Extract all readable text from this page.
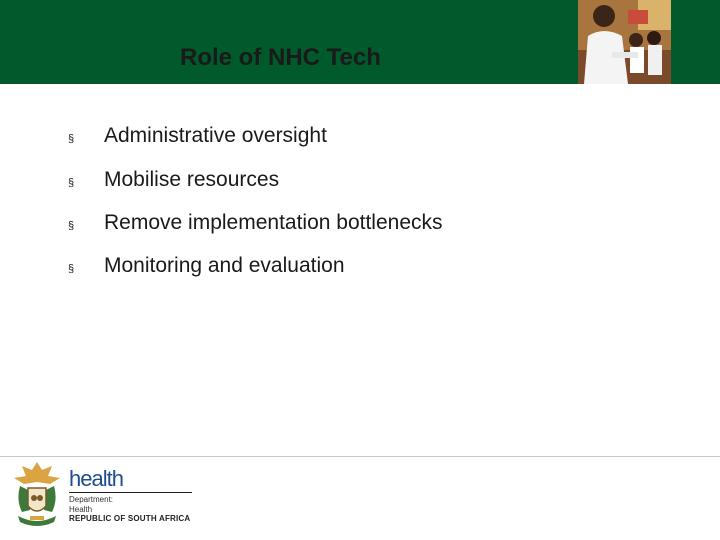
Role of NHC Tech
§ Administrative oversight
§ Mobilise resources
§ Remove implementation bottlenecks
§ Monitoring and evaluation
health
Department:
Health
REPUBLIC OF SOUTH AFRICA
